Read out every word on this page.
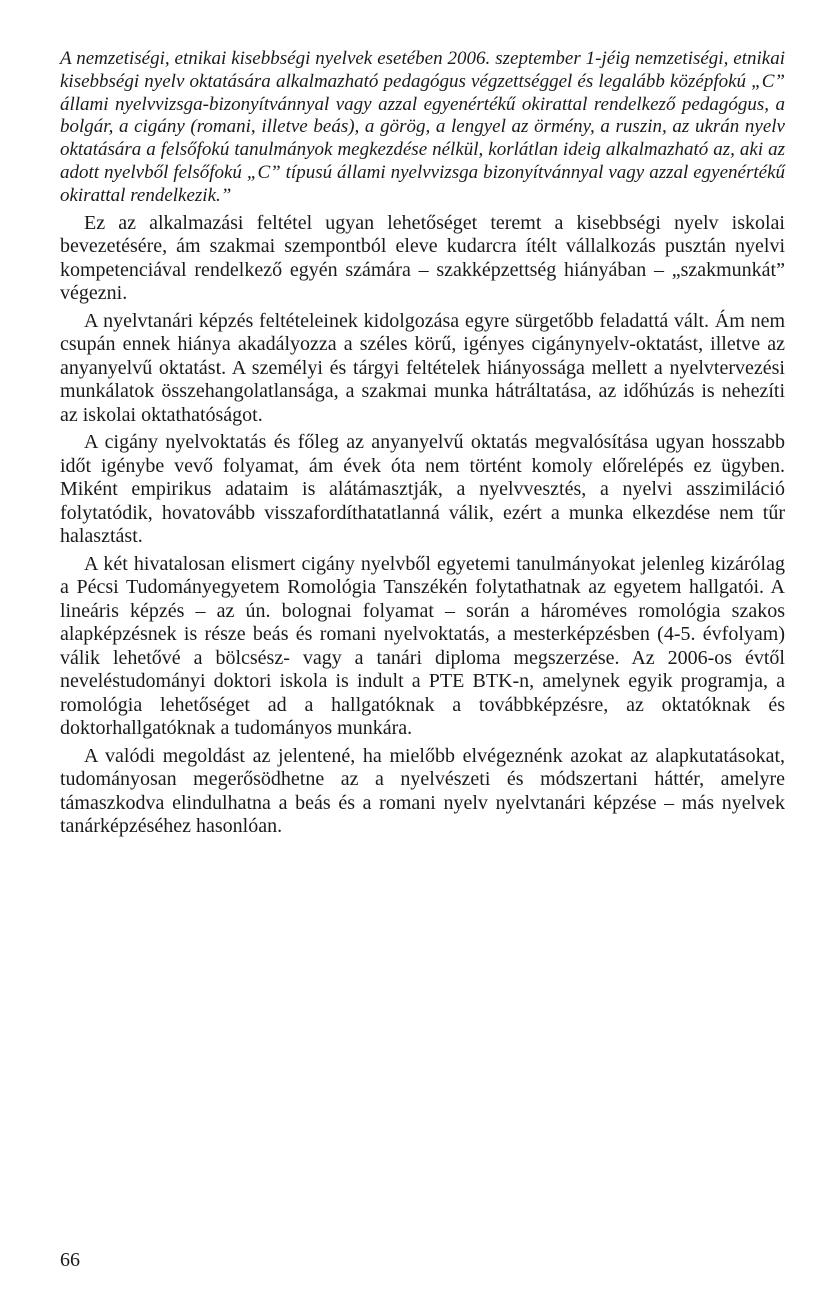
A nemzetiségi, etnikai kisebbségi nyelvek esetében 2006. szeptember 1-jéig nemzetiségi, etnikai kisebbségi nyelv oktatására alkalmazható pedagógus végzettséggel és legalább középfokú „C” állami nyelvvizsga-bizonyítvánnyal vagy azzal egyenértékű okirattal rendelkező pedagógus, a bolgár, a cigány (romani, illetve beás), a görög, a lengyel az örmény, a ruszin, az ukrán nyelv oktatására a felsőfokú tanulmányok megkezdése nélkül, korlátlan ideig alkalmazható az, aki az adott nyelvből felsőfokú „C” típusú állami nyelvvizsga bizonyítvánnyal vagy azzal egyenértékű okirattal rendelkezik.”

Ez az alkalmazási feltétel ugyan lehetőséget teremt a kisebbségi nyelv iskolai bevezetésére, ám szakmai szempontból eleve kudarcra ítélt vállalkozás pusztán nyelvi kompetenciával rendelkező egyén számára – szakképzettség hiányában – „szakmunkát” végezni.

A nyelvtanári képzés feltételeinek kidolgozása egyre sürgetőbb feladattá vált. Ám nem csupán ennek hiánya akadályozza a széles körű, igényes cigánynyelv-oktatást, illetve az anyanyelvű oktatást. A személyi és tárgyi feltételek hiányossága mellett a nyelvtervezési munkálatok összehangolatlansága, a szakmai munka hátráltatása, az időhúzás is nehezíti az iskolai oktathatóságot.

A cigány nyelvoktatás és főleg az anyanyelvű oktatás megvalósítása ugyan hosszabb időt igénybe vevő folyamat, ám évek óta nem történt komoly előrelépés ez ügyben. Miként empirikus adataim is alátámasztják, a nyelvvesztés, a nyelvi asszimiláció folytatódik, hovatovább visszafordíthatatlanná válik, ezért a munka elkezdése nem tűr halasztást.

A két hivatalosan elismert cigány nyelvből egyetemi tanulmányokat jelenleg kizárólag a Pécsi Tudományegyetem Romológia Tanszékén folytathatnak az egyetem hallgatói. A lineáris képzés – az ún. bolognai folyamat – során a hároméves romológia szakos alapképzésnek is része beás és romani nyelvoktatás, a mesterképzésben (4-5. évfolyam) válik lehetővé a bölcsész- vagy a tanári diploma megszerzése. Az 2006-os évtől neveléstudományi doktori iskola is indult a PTE BTK-n, amelynek egyik programja, a romológia lehetőséget ad a hallgatóknak a továbbképzésre, az oktatóknak és doktorhallgatóknak a tudományos munkára.

A valódi megoldást az jelentené, ha mielőbb elvégeznénk azokat az alapkutatásokat, tudományosan megerősödhetne az a nyelvészeti és módszertani háttér, amelyre támaszkodva elindulhatna a beás és a romani nyelv nyelvtanári képzése – más nyelvek tanárképzéséhez hasonlóan.

66
